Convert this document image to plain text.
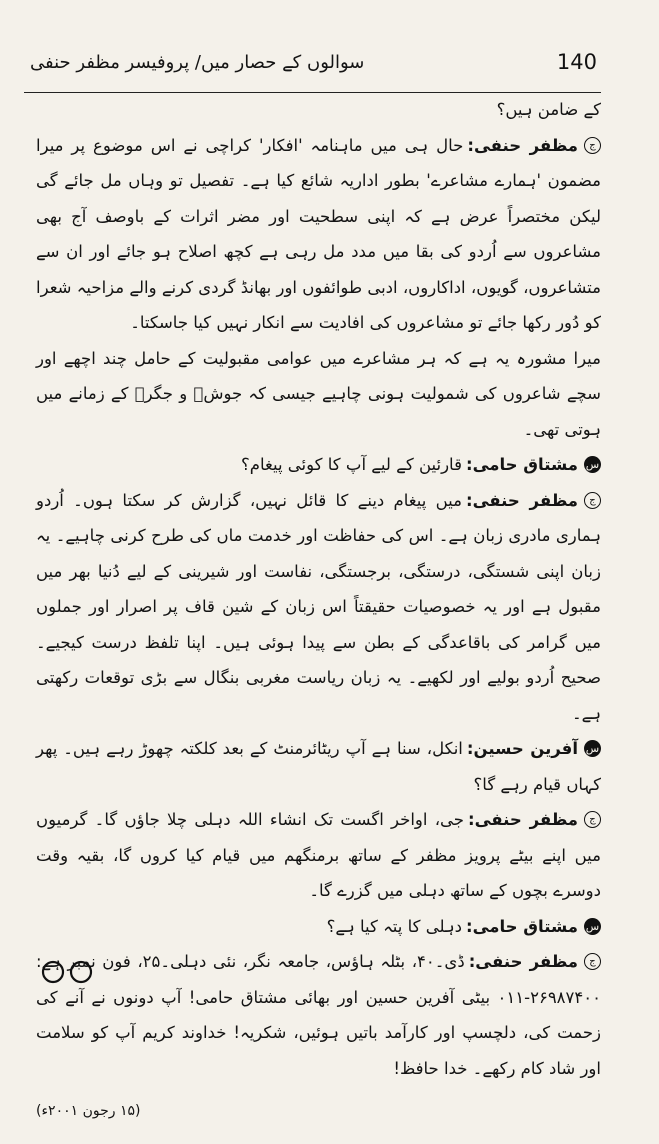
140
سوالوں کے حصار میں/ پروفیسر مظفر حنفی

کے ضامن ہیں؟

جمظفر حنفی:حال ہی میں ماہنامہ 'افکار' کراچی نے اس موضوع پر میرا مضمون 'ہمارے مشاعرے' بطور اداریہ شائع کیا ہے۔ تفصیل تو وہاں مل جائے گی لیکن مختصراً عرض ہے کہ اپنی سطحیت اور مضر اثرات کے باوصف آج بھی مشاعروں سے اُردو کی بقا میں مدد مل رہی ہے کچھ اصلاح ہو جائے اور ان سے متشاعروں، گویوں، اداکاروں، ادبی طوائفوں اور بھانڈ گردی کرنے والے مزاحیہ شعرا کو دُور رکھا جائے تو مشاعروں کی افادیت سے انکار نہیں کیا جاسکتا۔

میرا مشورہ یہ ہے کہ ہر مشاعرے میں عوامی مقبولیت کے حامل چند اچھے اور سچے شاعروں کی شمولیت ہونی چاہیے جیسی کہ جوشؔ و جگرؔ کے زمانے میں ہوتی تھی۔

سمشتاق حامی:قارئین کے لیے آپ کا کوئی پیغام؟

جمظفر حنفی:میں پیغام دینے کا قائل نہیں، گزارش کر سکتا ہوں۔ اُردو ہماری مادری زبان ہے۔ اس کی حفاظت اور خدمت ماں کی طرح کرنی چاہیے۔ یہ زبان اپنی شستگی، درستگی، برجستگی، نفاست اور شیرینی کے لیے دُنیا بھر میں مقبول ہے اور یہ خصوصیات حقیقتاً اس زبان کے شین قاف پر اصرار اور جملوں میں گرامر کی باقاعدگی کے بطن سے پیدا ہوئی ہیں۔ اپنا تلفظ درست کیجیے۔ صحیح اُردو بولیے اور لکھیے۔ یہ زبان ریاست مغربی بنگال سے بڑی توقعات رکھتی ہے۔

سآفرین حسین:انکل، سنا ہے آپ ریٹائرمنٹ کے بعد کلکتہ چھوڑ رہے ہیں۔ پھر کہاں قیام رہے گا؟

جمظفر حنفی:جی، اواخر اگست تک انشاء اللہ دہلی چلا جاؤں گا۔ گرمیوں میں اپنے بیٹے پرویز مظفر کے ساتھ برمنگھم میں قیام کیا کروں گا، بقیہ وقت دوسرے بچوں کے ساتھ دہلی میں گزرے گا۔

سمشتاق حامی:دہلی کا پتہ کیا ہے؟

جمظفر حنفی:ڈی۔۴۰، بٹلہ ہاؤس، جامعہ نگر، نئی دہلی۔۲۵، فون نمبر ہے: ۲۶۹۸۷۴۰۰-۰۱۱ بیٹی آفرین حسین اور بھائی مشتاق حامی! آپ دونوں نے آنے کی زحمت کی، دلچسپ اور کارآمد باتیں ہوئیں، شکریہ! خداوند کریم آپ کو سلامت اور شاد کام رکھے۔ خدا حافظ!

(۱۵ رجون ۲۰۰۱ء)
